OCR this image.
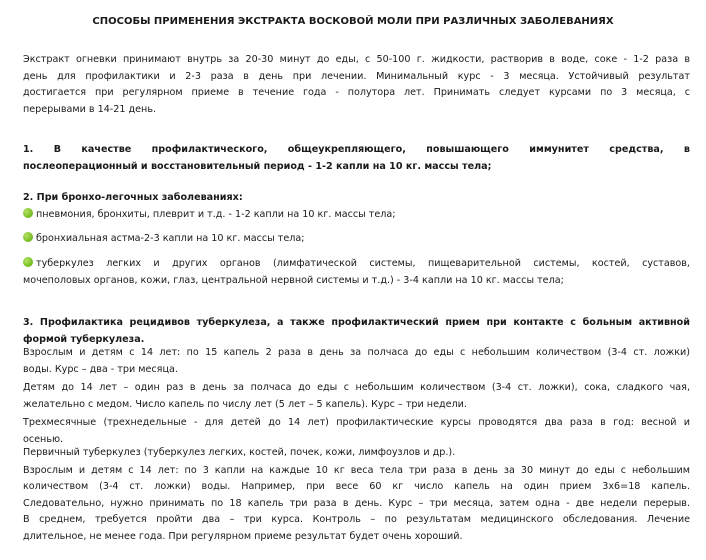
СПОСОБЫ ПРИМЕНЕНИЯ ЭКСТРАКТА ВОСКОВОЙ МОЛИ ПРИ РАЗЛИЧНЫХ ЗАБОЛЕВАНИЯХ
Экстракт огневки принимают внутрь за 20-30 минут до еды, с 50-100 г. жидкости, растворив в воде, соке - 1-2 раза в
день для профилактики и 2-3 раза в день при лечении. Минимальный курс - 3 месяца. Устойчивый результат
достигается при регулярном приеме в течение года - полутора лет. Принимать следует курсами по 3 месяца, с
перерывами в 14-21 день.
1. В качестве профилактического, общеукрепляющего, повышающего иммунитет средства, в
послеоперационный и восстановительный период - 1-2 капли на 10 кг. массы тела;
2. При бронхо-легочных заболеваниях:
пневмония, бронхиты, плеврит и т.д. - 1-2 капли на 10 кг. массы тела;
бронхиальная астма-2-3 капли на 10 кг. массы тела;
туберкулез легких и других органов (лимфатической системы, пищеварительной системы, костей, суставов,
мочеполовых органов, кожи, глаз, центральной нервной системы и т.д.) - 3-4 капли на 10 кг. массы тела;
3. Профилактика рецидивов туберкулеза, а также профилактический прием при контакте с больным активной
формой туберкулеза.
Взрослым и детям с 14 лет: по 15 капель 2 раза в день за полчаса до еды с небольшим количеством (3-4 ст. ложки)
воды. Курс – два - три месяца.
Детям до 14 лет – один раз в день за полчаса до еды с небольшим количеством (3-4 ст. ложки), сока, сладкого чая,
желательно с медом. Число капель по числу лет (5 лет – 5 капель). Курс – три недели.
Трехмесячные (трехнедельные - для детей до 14 лет) профилактические курсы проводятся два раза в год: весной и
осенью.
Первичный туберкулез (туберкулез легких, костей, почек, кожи, лимфоузлов и др.).
Взрослым и детям с 14 лет: по 3 капли на каждые 10 кг веса тела три раза в день за 30 минут до еды с небольшим
количеством (3-4 ст. ложки) воды. Например, при весе 60 кг число капель на один прием 3х6=18 капель.
Следовательно, нужно принимать по 18 капель три раза в день. Курс – три месяца, затем одна - две недели перерыв.
В среднем, требуется пройти два – три курса. Контроль – по результатам медицинского обследования. Лечение
длительное, не менее года. При регулярном приеме результат будет очень хороший.
